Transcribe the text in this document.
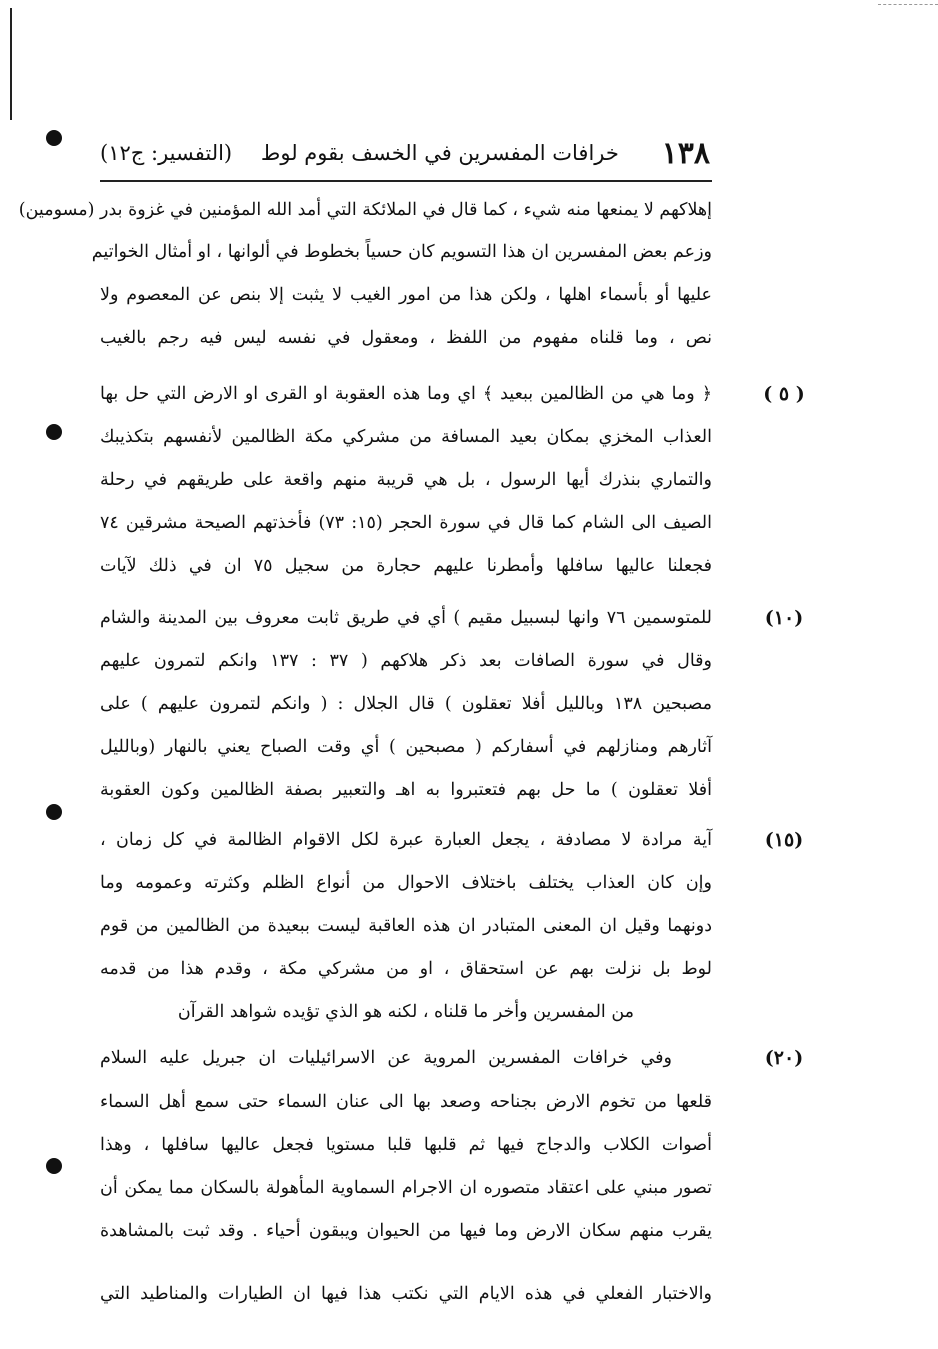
١٣٨
خرافات المفسرين في الخسف بقوم لوط
(التفسير: ج١٢)
إهلاكهم لا يمنعها منه شيء ، كما قال في الملائكة التي أمد الله المؤمنين في غزوة بدر (مسومين)
وزعم بعض المفسرين ان هذا التسويم كان حسياً بخطوط في ألوانها ، او أمثال الخواتيم
عليها أو بأسماء اهلها ، ولكن هذا من امور الغيب لا يثبت إلا بنص عن المعصوم ولا
نص ، وما قلناه مفهوم من اللفظ ، ومعقول في نفسه ليس فيه رجم بالغيب
﴿ وما هي من الظالمين ببعيد ﴾ اي وما هذه العقوبة او القرى او الارض التي حل بها
العذاب المخزي بمكان بعيد المسافة من مشركي مكة الظالمين لأنفسهم بتكذيبك
والتماري بنذرك أيها الرسول ، بل هي قريبة منهم واقعة على طريقهم في رحلة
الصيف الى الشام كما قال في سورة الحجر (١٥: ٧٣) فأخذتهم الصيحة مشرقين ٧٤
فجعلنا عاليها سافلها وأمطرنا عليهم حجارة من سجيل ٧٥ ان في ذلك لآيات
للمتوسمين ٧٦ وانها لبسبيل مقيم ) أي في طريق ثابت معروف بين المدينة والشام
وقال في سورة الصافات بعد ذكر هلاكهم ( ٣٧ : ١٣٧ وانكم لتمرون عليهم
مصبحين ١٣٨ وبالليل أفلا تعقلون ) قال الجلال : ( وانكم لتمرون عليهم ) على
آثارهم ومنازلهم في أسفاركم ( مصبحين ) أي وقت الصباح يعني بالنهار (وبالليل
أفلا تعقلون ) ما حل بهم فتعتبروا به اهـ والتعبير بصفة الظالمين وكون العقوبة
آية مرادة لا مصادفة ، يجعل العبارة عبرة لكل الاقوام الظالمة في كل زمان ،
وإن كان العذاب يختلف باختلاف الاحوال من أنواع الظلم وكثرته وعمومه وما
دونهما وقيل ان المعنى المتبادر ان هذه العاقبة ليست ببعيدة من الظالمين من قوم
لوط بل نزلت بهم عن استحقاق ، او من مشركي مكة ، وقدم هذا من قدمه
من المفسرين وأخر ما قلناه ، لكنه هو الذي تؤيده شواهد القرآن
وفي خرافات المفسرين المروية عن الاسرائيليات ان جبريل عليه السلام
قلعها من تخوم الارض بجناحه وصعد بها الى عنان السماء حتى سمع أهل السماء
أصوات الكلاب والدجاج فيها ثم قلبها قلبا مستويا فجعل عاليها سافلها ، وهذا
تصور مبني على اعتقاد متصوره ان الاجرام السماوية المأهولة بالسكان مما يمكن أن
يقرب منهم سكان الارض وما فيها من الحيوان ويبقون أحياء . وقد ثبت بالمشاهدة
والاختبار الفعلي في هذه الايام التي نكتب هذا فيها ان الطيارات والمناطيد التي
( ٥ )
(١٠)
(١٥)
(٢٠)
